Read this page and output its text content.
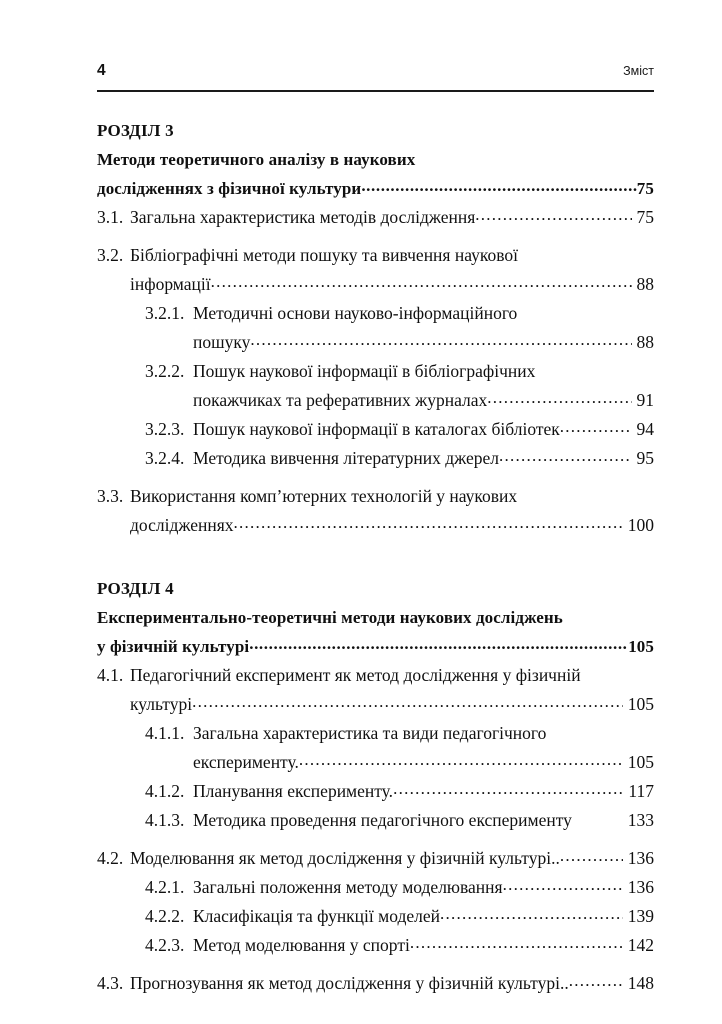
4	Зміст
РОЗДІЛ 3
Методи теоретичного аналізу в наукових
дослідженнях з фізичної культури .....	75
3.1. Загальна характеристика методів дослідження .....	75
3.2. Бібліографічні методи пошуку та вивчення наукової
інформації .....	88
3.2.1. Методичні основи науково-інформаційного
пошуку .....	88
3.2.2. Пошук наукової інформації в бібліографічних
покажчиках та реферативних журналах .....	91
3.2.3. Пошук наукової інформації в каталогах бібліотек .....	94
3.2.4. Методика вивчення літературних джерел .....	95
3.3. Використання комп’ютерних технологій у наукових
дослідженнях .....	100
РОЗДІЛ 4
Експериментально-теоретичні методи наукових досліджень
у фізичній культурі .....	105
4.1. Педагогічний експеримент як метод дослідження у фізичній
культурі .....	105
4.1.1. Загальна характеристика та види педагогічного
експерименту. .....	105
4.1.2. Планування експерименту. .....	117
4.1.3. Методика проведення педагогічного експерименту	133
4.2. Моделювання як метод дослідження у фізичній культурі.. .....	136
4.2.1. Загальні положення методу моделювання .....	136
4.2.2. Класифікація та функції моделей .....	139
4.2.3. Метод моделювання у спорті .....	142
4.3. Прогнозування як метод дослідження у фізичній культурі.. .....	148
